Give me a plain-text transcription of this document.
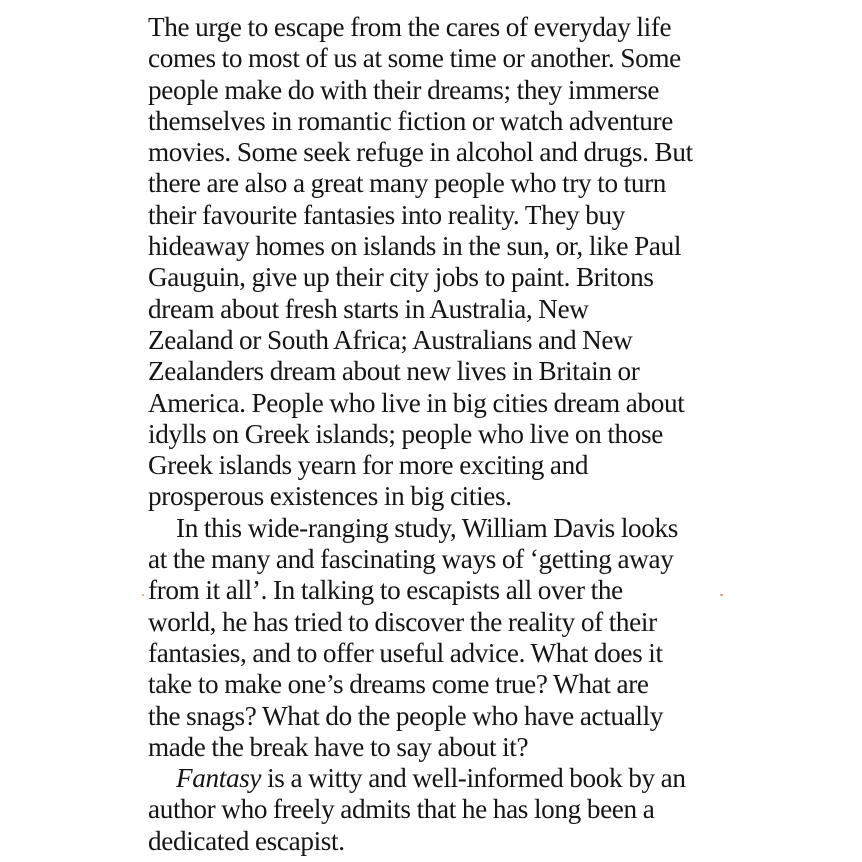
The urge to escape from the cares of everyday life
comes to most of us at some time or another. Some
people make do with their dreams; they immerse
themselves in romantic fiction or watch adventure
movies. Some seek refuge in alcohol and drugs. But
there are also a great many people who try to turn
their favourite fantasies into reality. They buy
hideaway homes on islands in the sun, or, like Paul
Gauguin, give up their city jobs to paint. Britons
dream about fresh starts in Australia, New
Zealand or South Africa; Australians and New
Zealanders dream about new lives in Britain or
America. People who live in big cities dream about
idylls on Greek islands; people who live on those
Greek islands yearn for more exciting and
prosperous existences in big cities.
In this wide-ranging study, William Davis looks
at the many and fascinating ways of ‘getting away
from it all’. In talking to escapists all over the
world, he has tried to discover the reality of their
fantasies, and to offer useful advice. What does it
take to make one’s dreams come true? What are
the snags? What do the people who have actually
made the break have to say about it?
Fantasy is a witty and well-informed book by an
author who freely admits that he has long been a
dedicated escapist.
